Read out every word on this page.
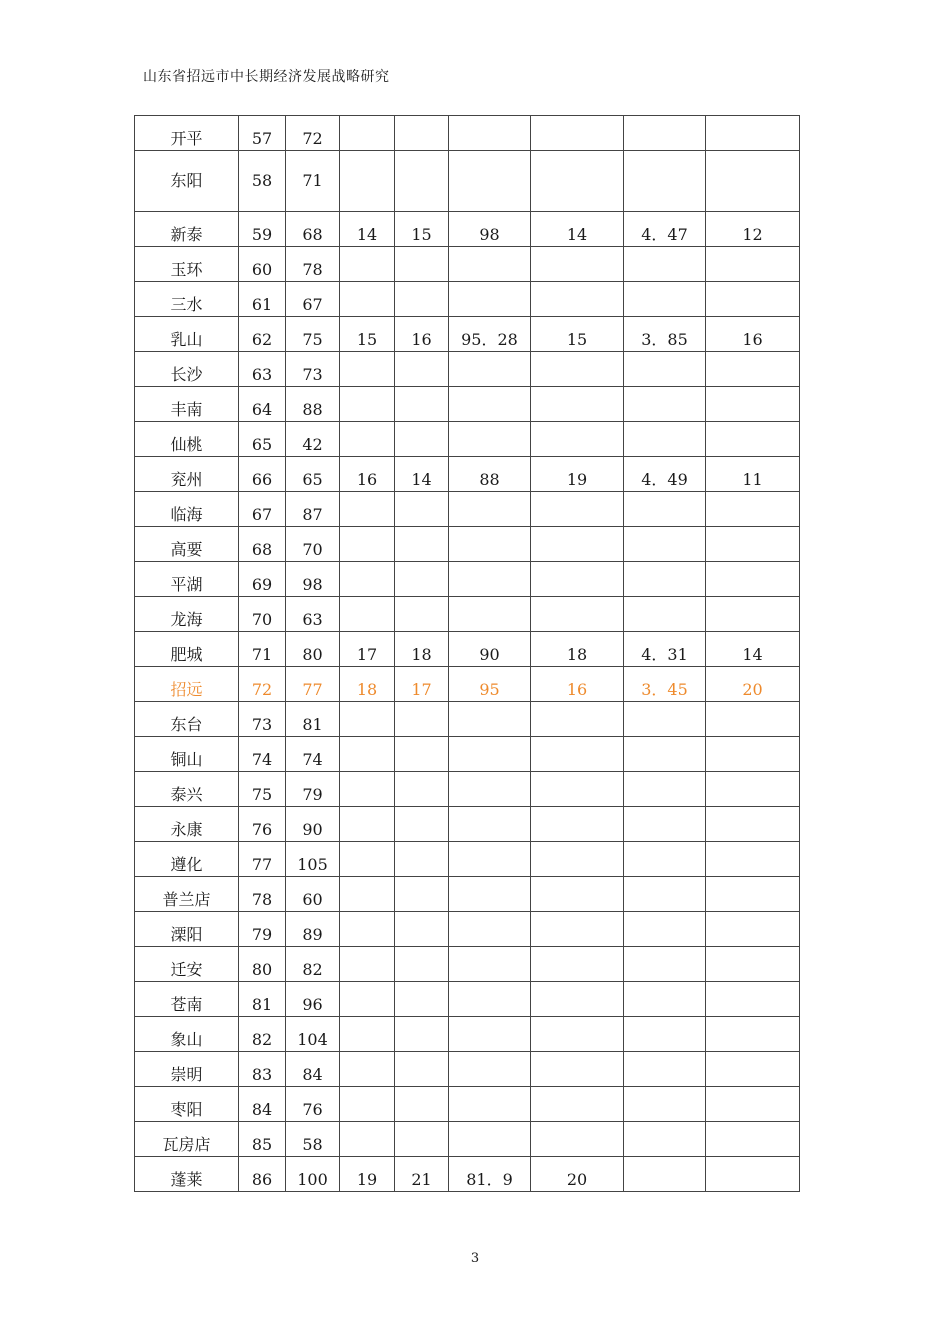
山东省招远市中长期经济发展战略研究
开平	57	72						
东阳	58	71						
新泰	59	68	14	15	98	14	4．47	12
玉环	60	78						
三水	61	67						
乳山	62	75	15	16	95．28	15	3．85	16
长沙	63	73						
丰南	64	88						
仙桃	65	42						
兖州	66	65	16	14	88	19	4．49	11
临海	67	87						
高要	68	70						
平湖	69	98						
龙海	70	63						
肥城	71	80	17	18	90	18	4．31	14
招远	72	77	18	17	95	16	3．45	20
东台	73	81						
铜山	74	74						
泰兴	75	79						
永康	76	90						
遵化	77	105						
普兰店	78	60						
溧阳	79	89						
迁安	80	82						
苍南	81	96						
象山	82	104						
崇明	83	84						
枣阳	84	76						
瓦房店	85	58						
蓬莱	86	100	19	21	81．9	20		
3
